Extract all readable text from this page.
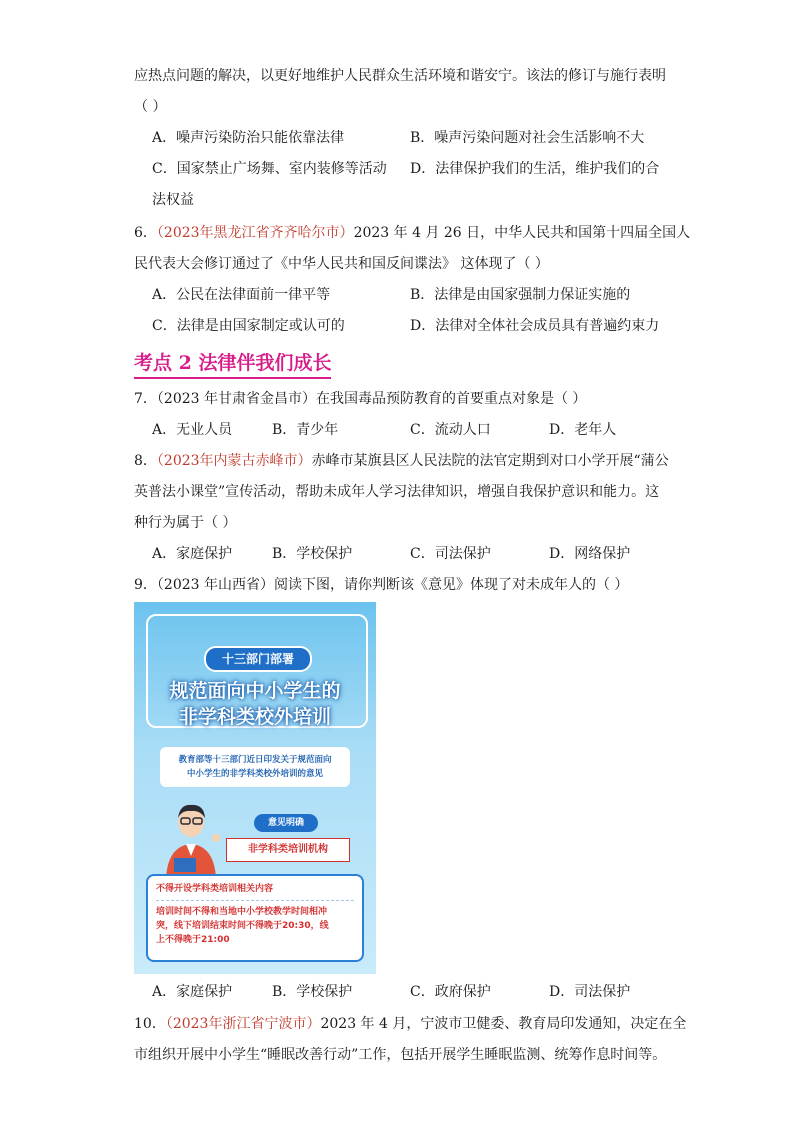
应热点问题的解决，以更好地维护人民群众生活环境和谐安宁。该法的修订与施行表明
（ ）
A．噪声污染防治只能依靠法律	B．噪声污染问题对社会生活影响不大
C．国家禁止广场舞、室内装修等活动 D．法律保护我们的生活，维护我们的合
法权益
6．（2023年黑龙江省齐齐哈尔市）2023 年 4 月 26 日，中华人民共和国第十四届全国人
民代表大会修订通过了《中华人民共和国反间谍法》 这体现了（ ）
A．公民在法律面前一律平等	B．法律是由国家强制力保证实施的
C．法律是由国家制定或认可的	D．法律对全体社会成员具有普遍约束力
考点 2 法律伴我们成长
7．（2023 年甘肃省金昌市）在我国毒品预防教育的首要重点对象是（ ）
A．无业人员	B．青少年	C．流动人口	D．老年人
8．（2023年内蒙古赤峰市）赤峰市某旗县区人民法院的法官定期到对口小学开展“蒲公
英普法小课堂”宣传活动，帮助未成年人学习法律知识，增强自我保护意识和能力。这
种行为属于（ ）
A．家庭保护	B．学校保护	C．司法保护	D．网络保护
9．（2023 年山西省）阅读下图，请你判断该《意见》体现了对未成年人的（ ）
十三部门部署
规范面向中小学生的
非学科类校外培训
教育部等十三部门近日印发关于规范面向
中小学生的非学科类校外培训的意见
意见明确
非学科类培训机构
不得开设学科类培训相关内容
培训时间不得和当地中小学校教学时间相冲
突，线下培训结束时间不得晚于20:30，线
上不得晚于21:00
A．家庭保护	B．学校保护	C．政府保护	D．司法保护
10．（2023年浙江省宁波市）2023 年 4 月，宁波市卫健委、教育局印发通知，决定在全
市组织开展中小学生“睡眠改善行动”工作，包括开展学生睡眠监测、统筹作息时间等。
